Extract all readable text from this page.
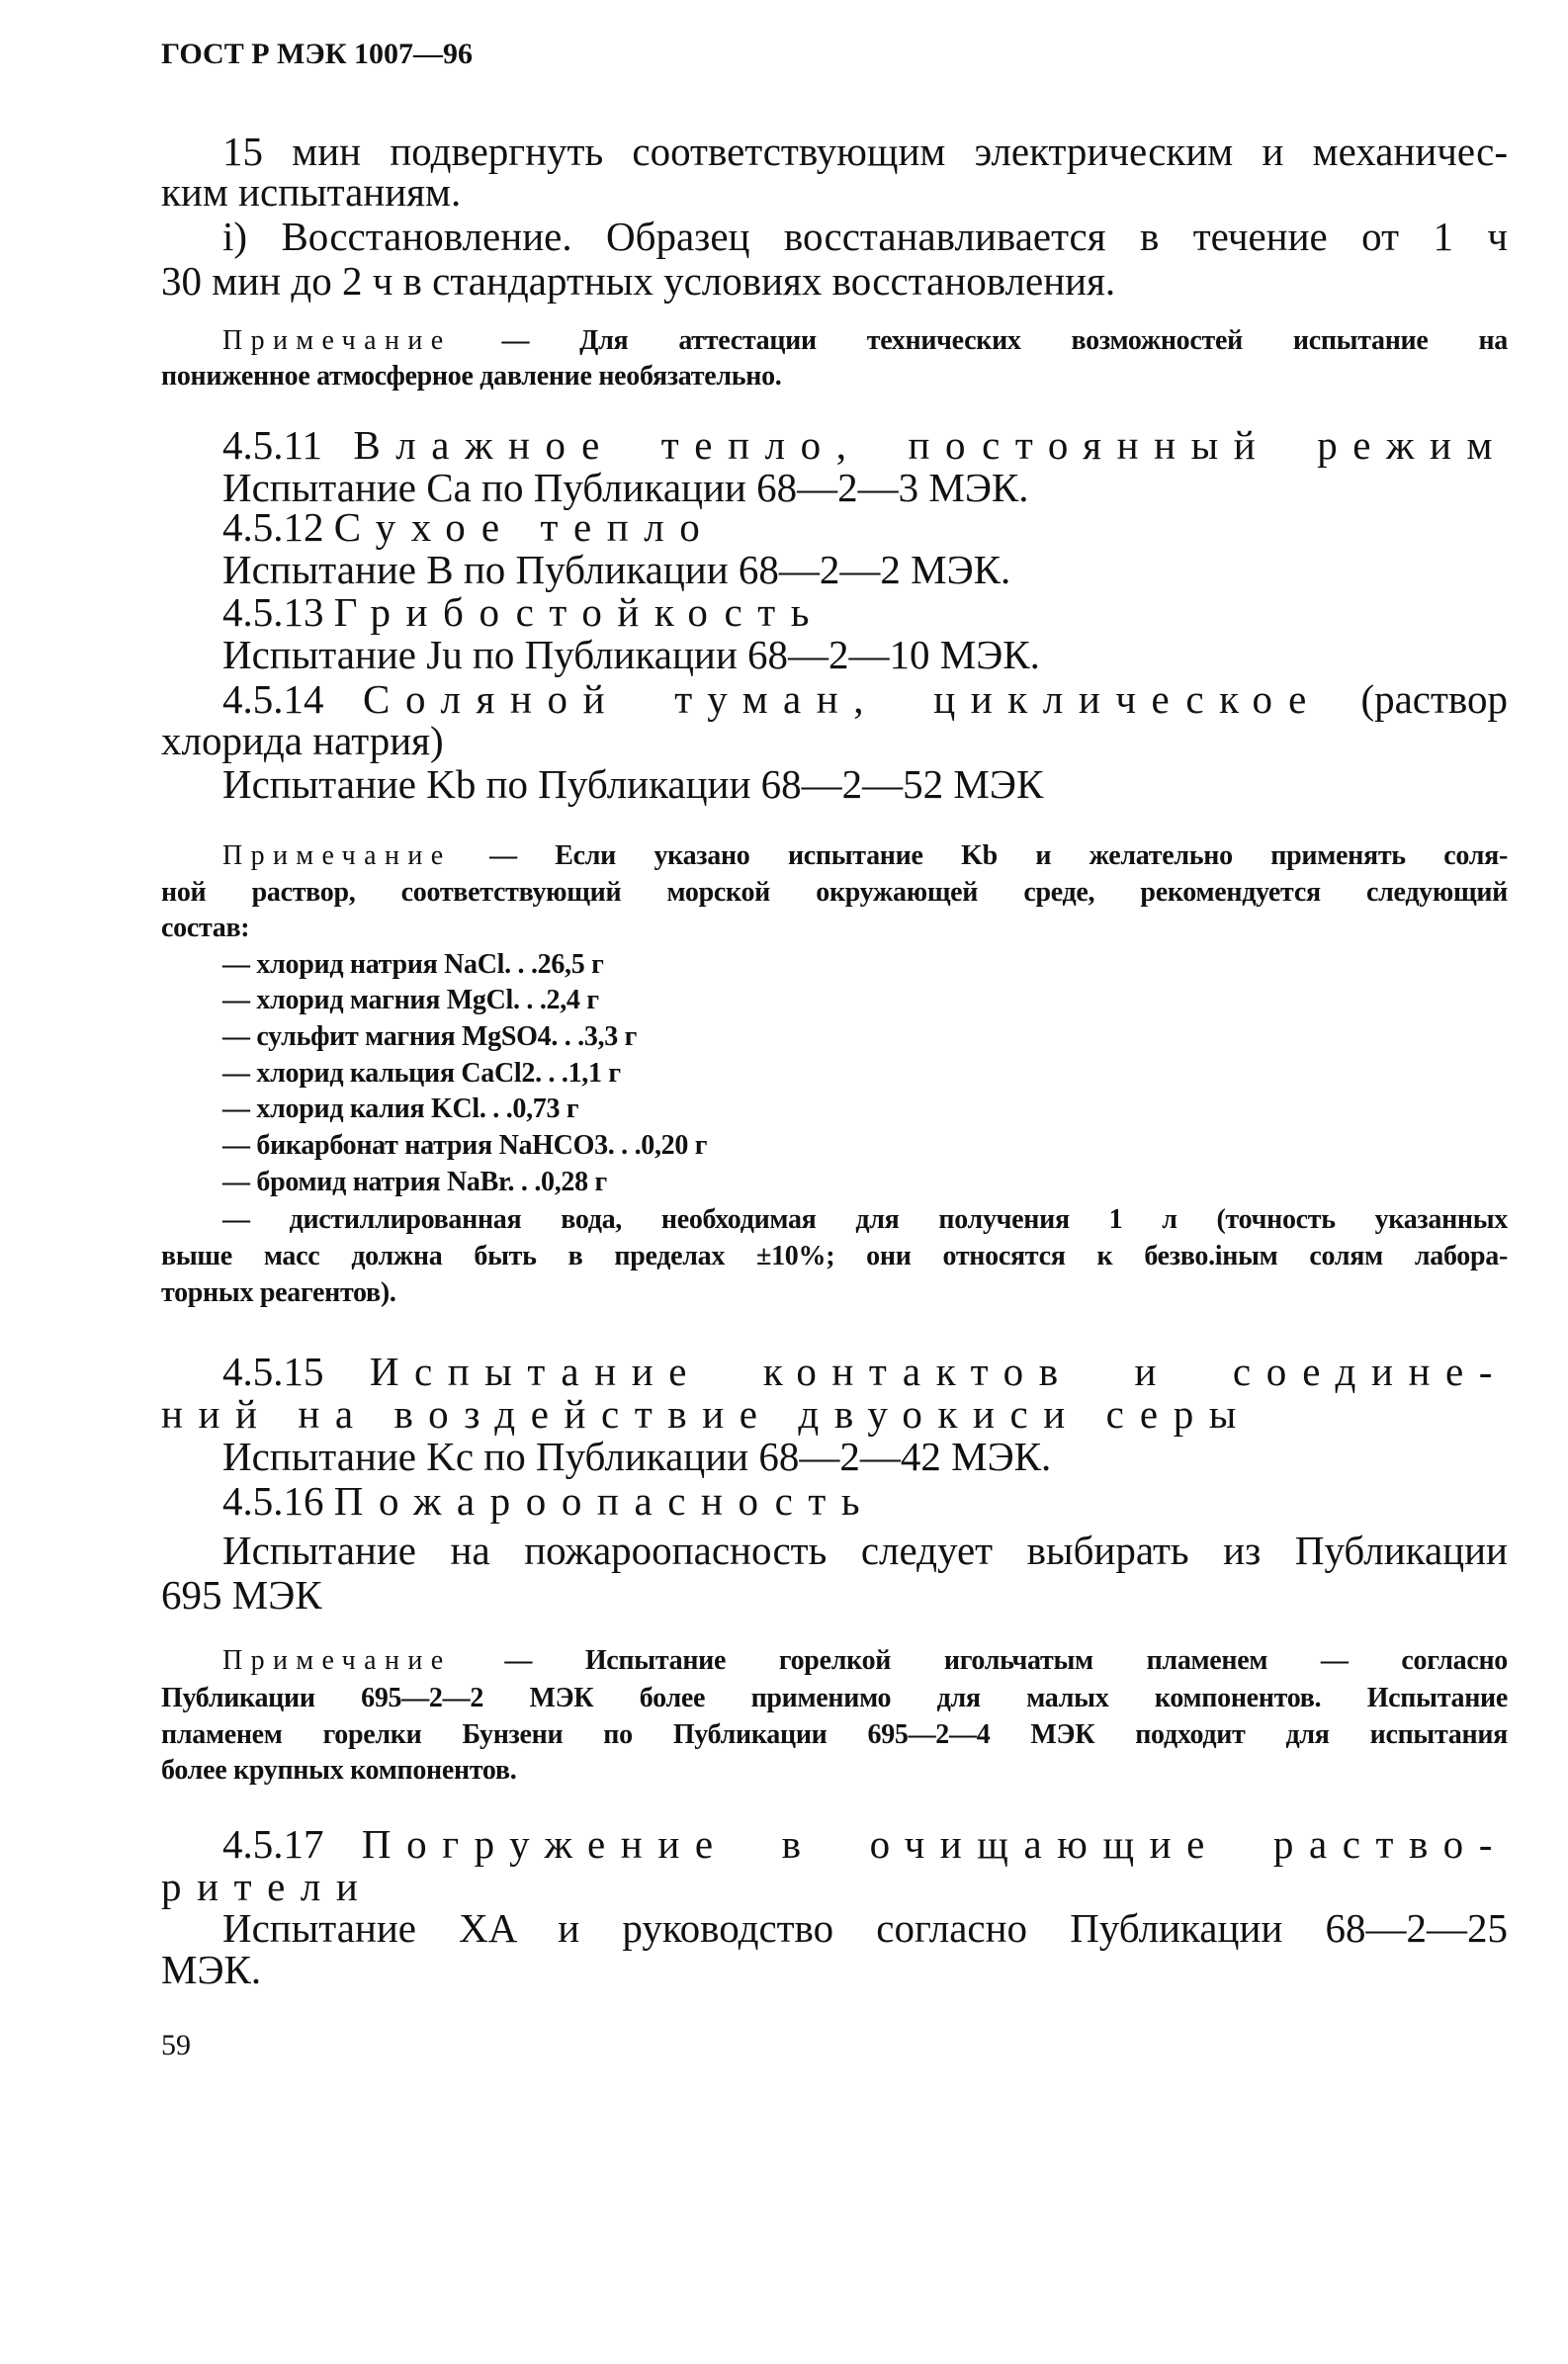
ГОСТ Р МЭК 1007—96
15 мин подвергнуть соответствующим электрическим и механичес-
ким испытаниям.
i) Восстановление. Образец восстанавливается в течение от 1 ч
30 мин до 2 ч в стандартных условиях восстановления.
Примечание — Для аттестации технических возможностей испытание на
пониженное атмосферное давление необязательно.
4.5.11 Влажное тепло, постоянный режим
Испытание Ca по Публикации 68—2—3 МЭК.
4.5.12 Сухое тепло
Испытание B по Публикации 68—2—2 МЭК.
4.5.13 Грибостойкость
Испытание Ju по Публикации 68—2—10 МЭК.
4.5.14 Соляной туман, циклическое (раствор
хлорида натрия)
Испытание Kb по Публикации 68—2—52 МЭК
Примечание — Если указано испытание Kb и желательно применять соля-
ной раствор, соответствующий морской окружающей среде, рекомендуется следующий
состав:
— хлорид натрия NaCl. . .26,5 г
— хлорид магния MgCl. . .2,4 г
— сульфит магния MgSO4. . .3,3 г
— хлорид кальция CaCl2. . .1,1 г
— хлорид калия KCl. . .0,73 г
— бикарбонат натрия NaHCO3. . .0,20 г
— бромид натрия NaBr. . .0,28 г
— дистиллированная вода, необходимая для получения 1 л (точность указанных
выше масс должна быть в пределах ±10%; они относятся к безво.iным солям лабора-
торных реагентов).
4.5.15 Испытание контактов и соедине-
ний на воздействие двуокиси серы
Испытание Kc по Публикации 68—2—42 МЭК.
4.5.16 Пожароопасность
Испытание на пожароопасность следует выбирать из Публикации
695 МЭК
Примечание — Испытание горелкой игольчатым пламенем — согласно
Публикации 695—2—2 МЭК более применимо для малых компонентов. Испытание
пламенем горелки Бунзени по Публикации 695—2—4 МЭК подходит для испытания
более крупных компонентов.
4.5.17 Погружение в очищающие раство-
рители
Испытание XA и руководство согласно Публикации 68—2—25
МЭК.
59
